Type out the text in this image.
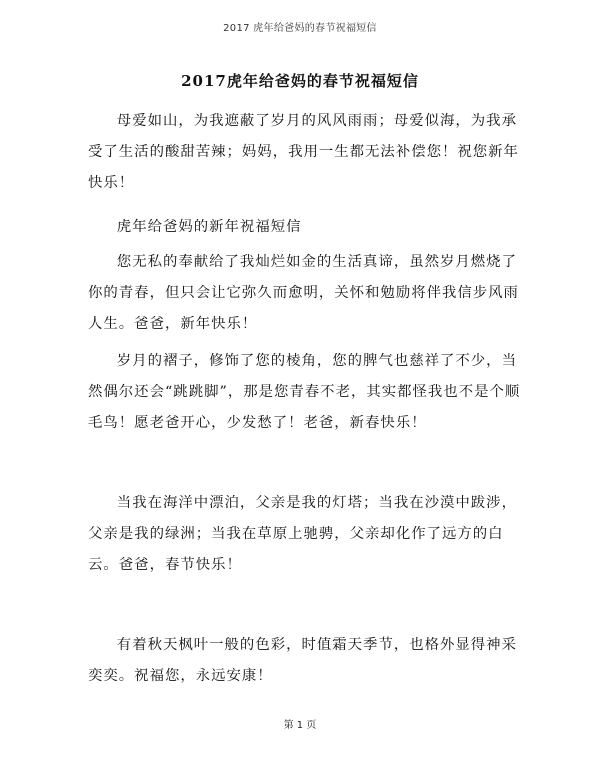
2017 虎年给爸妈的春节祝福短信
2017虎年给爸妈的春节祝福短信

母爱如山，为我遮蔽了岁月的风风雨雨；母爱似海，为我承受了生活的酸甜苦辣；妈妈，我用一生都无法补偿您！祝您新年快乐！

虎年给爸妈的新年祝福短信

您无私的奉献给了我灿烂如金的生活真谛，虽然岁月燃烧了你的青春，但只会让它弥久而愈明，关怀和勉励将伴我信步风雨人生。爸爸，新年快乐！

岁月的褶子，修饰了您的棱角，您的脾气也慈祥了不少，当然偶尔还会“跳跳脚”，那是您青春不老，其实都怪我也不是个顺毛鸟！愿老爸开心，少发愁了！老爸，新春快乐！

当我在海洋中漂泊，父亲是我的灯塔；当我在沙漠中跋涉，父亲是我的绿洲；当我在草原上驰骋，父亲却化作了远方的白云。爸爸，春节快乐！

有着秋天枫叶一般的色彩，时值霜天季节，也格外显得神采奕奕。祝福您，永远安康！

第 1 页
